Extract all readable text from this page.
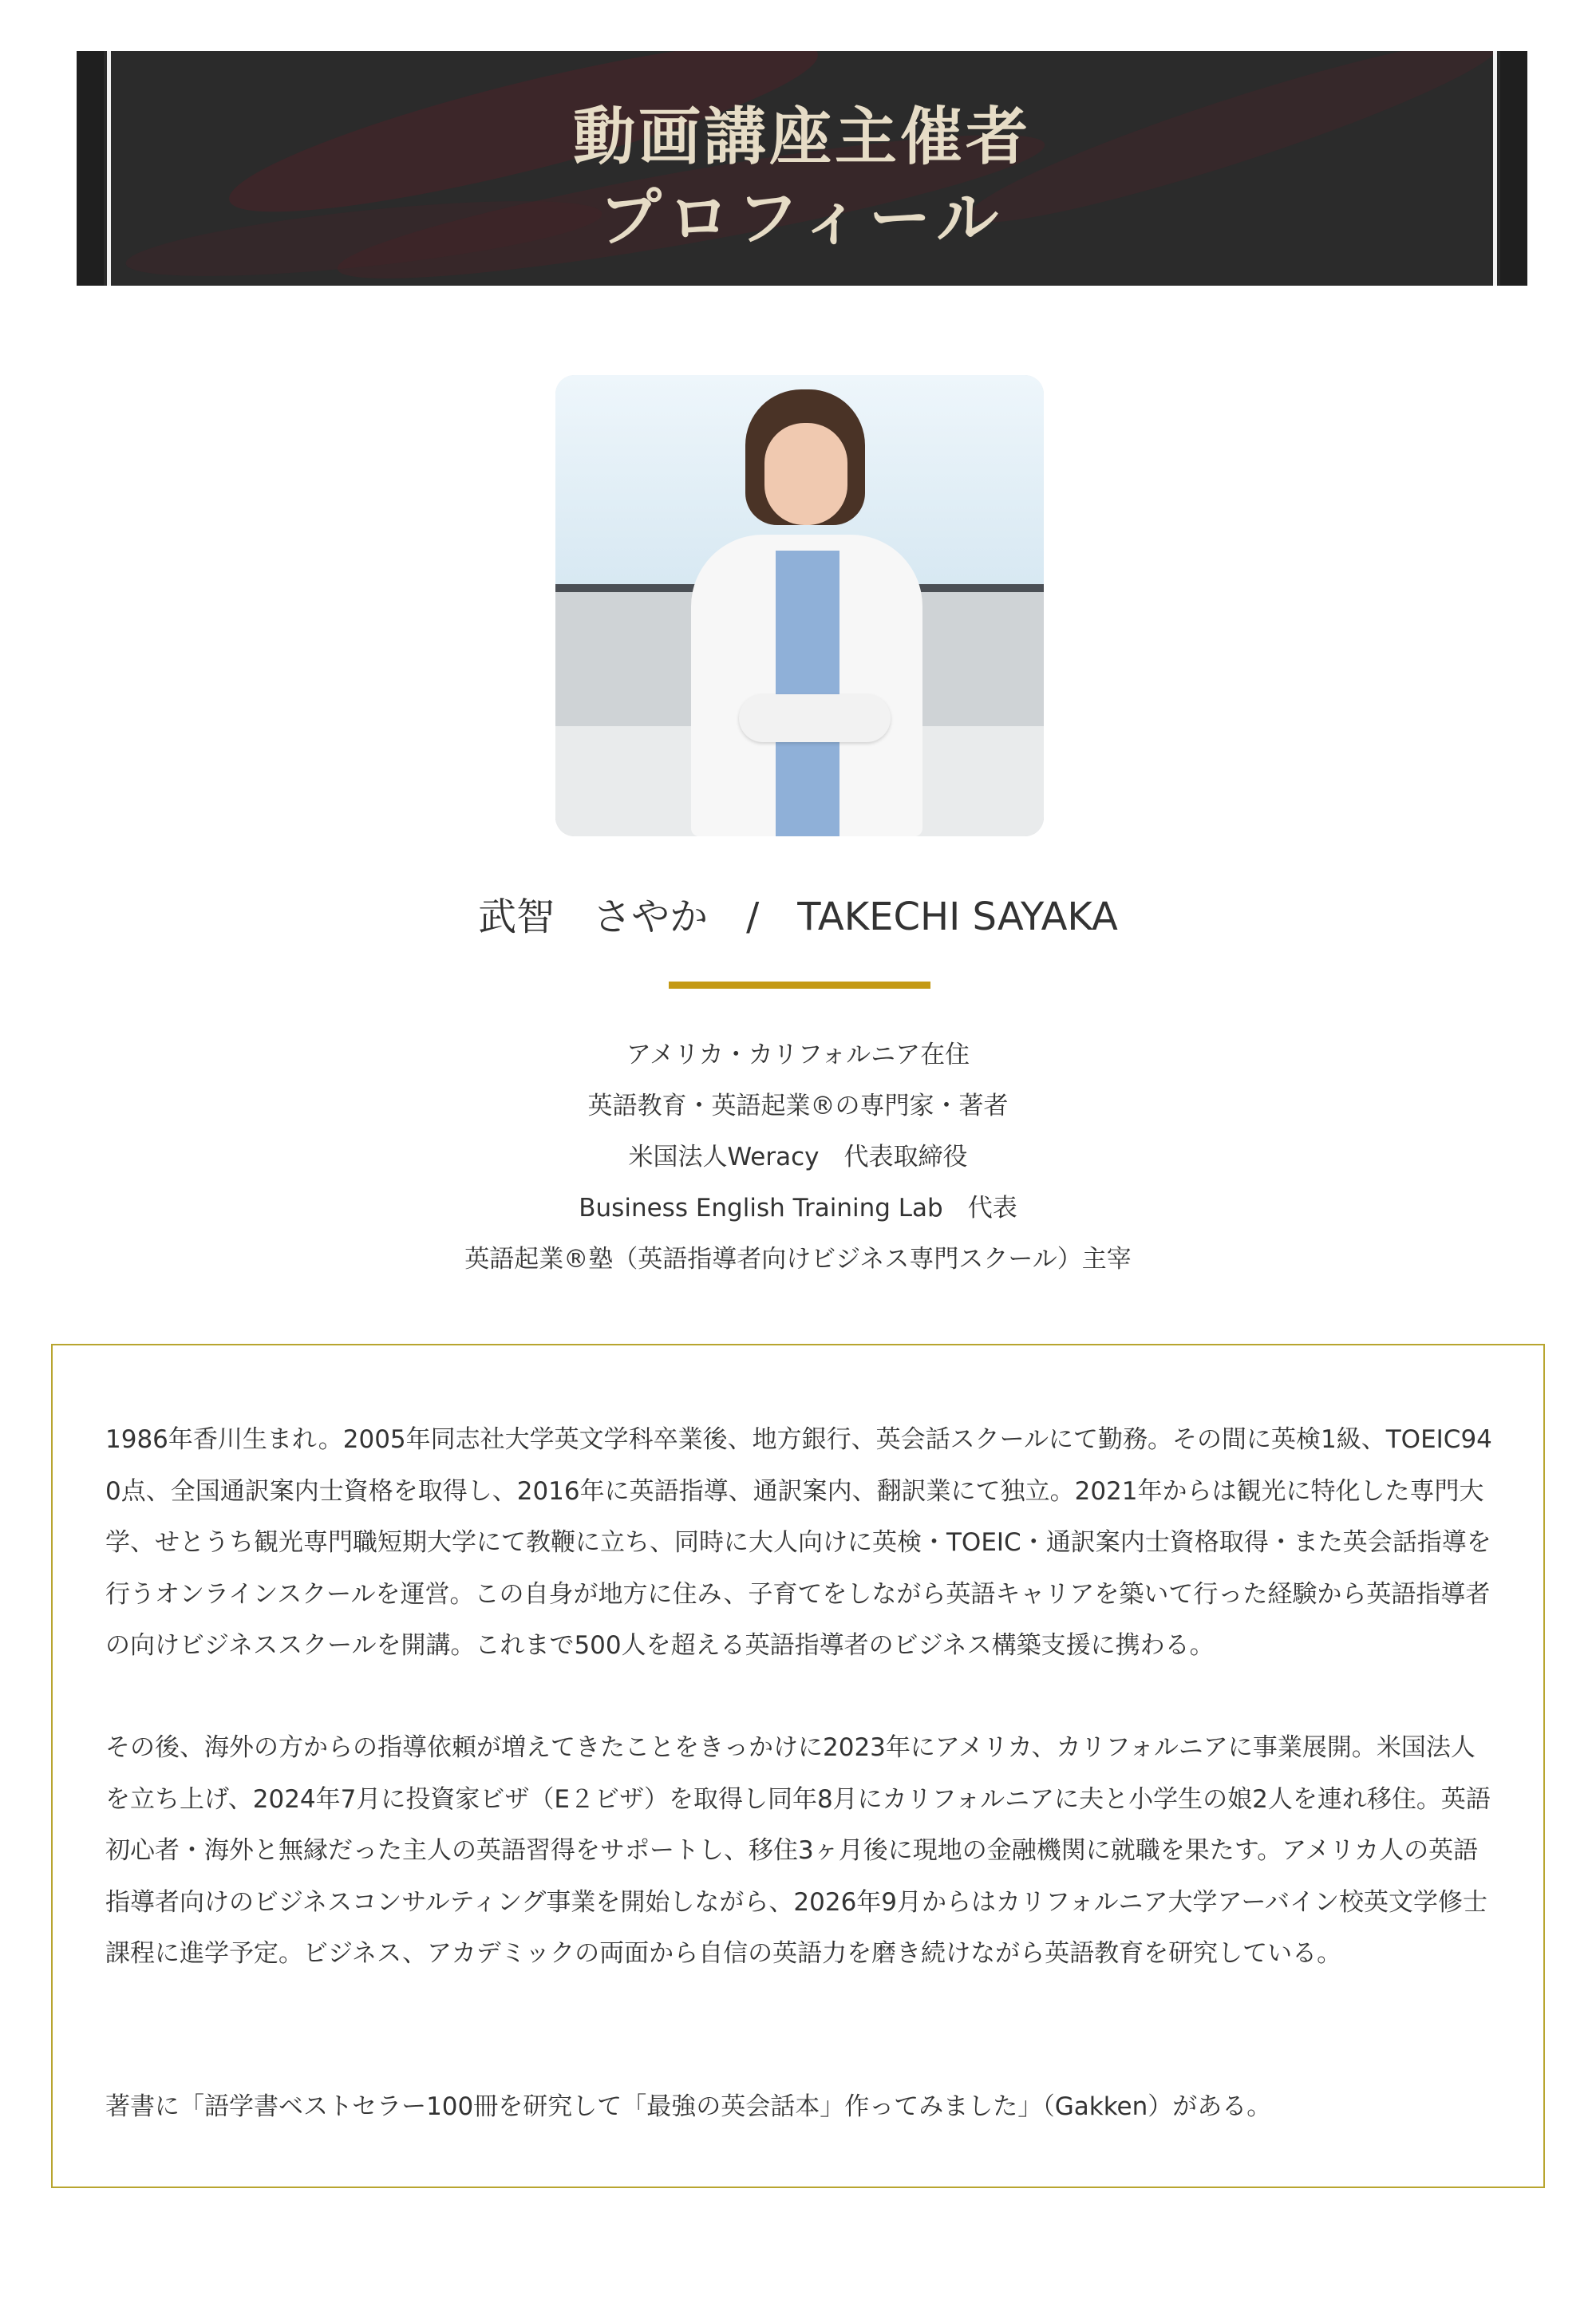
動画講座主催者
プロフィール
武智　さやか　/　TAKECHI SAYAKA
アメリカ・カリフォルニア在住
英語教育・英語起業®の専門家・著者
米国法人Weracy　代表取締役
Business English Training Lab　代表
英語起業®塾（英語指導者向けビジネス専門スクール）主宰

1986年香川生まれ。2005年同志社大学英文学科卒業後、地方銀行、英会話スクールにて勤務。その間に英検1級、TOEIC940点、全国通訳案内士資格を取得し、2016年に英語指導、通訳案内、翻訳業にて独立。2021年からは観光に特化した専門大学、せとうち観光専門職短期大学にて教鞭に立ち、同時に大人向けに英検・TOEIC・通訳案内士資格取得・また英会話指導を行うオンラインスクールを運営。この自身が地方に住み、子育てをしながら英語キャリアを築いて行った経験から英語指導者の向けビジネススクールを開講。これまで500人を超える英語指導者のビジネス構築支援に携わる。

その後、海外の方からの指導依頼が増えてきたことをきっかけに2023年にアメリカ、カリフォルニアに事業展開。米国法人を立ち上げ、2024年7月に投資家ビザ（E２ビザ）を取得し同年8月にカリフォルニアに夫と小学生の娘2人を連れ移住。英語初心者・海外と無縁だった主人の英語習得をサポートし、移住3ヶ月後に現地の金融機関に就職を果たす。アメリカ人の英語指導者向けのビジネスコンサルティング事業を開始しながら、2026年9月からはカリフォルニア大学アーバイン校英文学修士課程に進学予定。ビジネス、アカデミックの両面から自信の英語力を磨き続けながら英語教育を研究している。

著書に「語学書ベストセラー100冊を研究して「最強の英会話本」作ってみました」（Gakken）がある。
